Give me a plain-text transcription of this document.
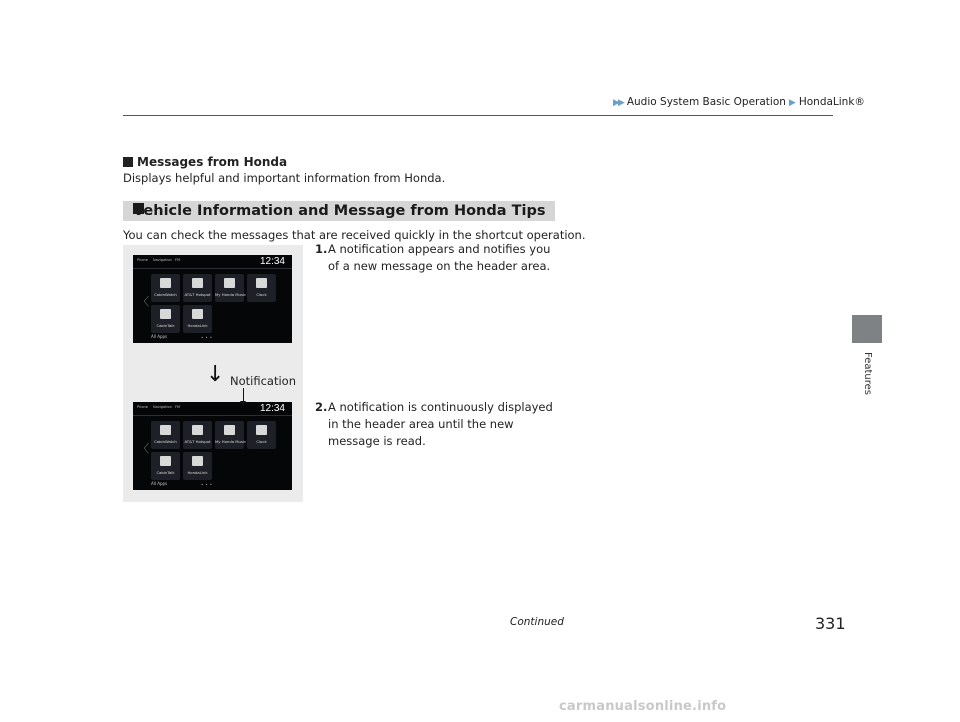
▶▶ Audio System Basic Operation ▶ HondaLink®
Features
Messages from Honda
Displays helpful and important information from Honda.
Vehicle Information and Message from Honda Tips
You can check the messages that are received quickly in the shortcut operation.
Phone Navigation FM	12:34
〈
CabinWatch	AT&T Hotspot	My Honda Music	Clock
CabinTalk	HondaLink
All Apps	•••
Phone Navigation FM	12:34
〈
CabinWatch	AT&T Hotspot	My Honda Music	Clock
CabinTalk	HondaLink
All Apps	•••
↓ Notification
1. A notification appears and notifies you of a new message on the header area.
2. A notification is continuously displayed in the header area until the new message is read.
Continued	331
carmanualsonline.info
